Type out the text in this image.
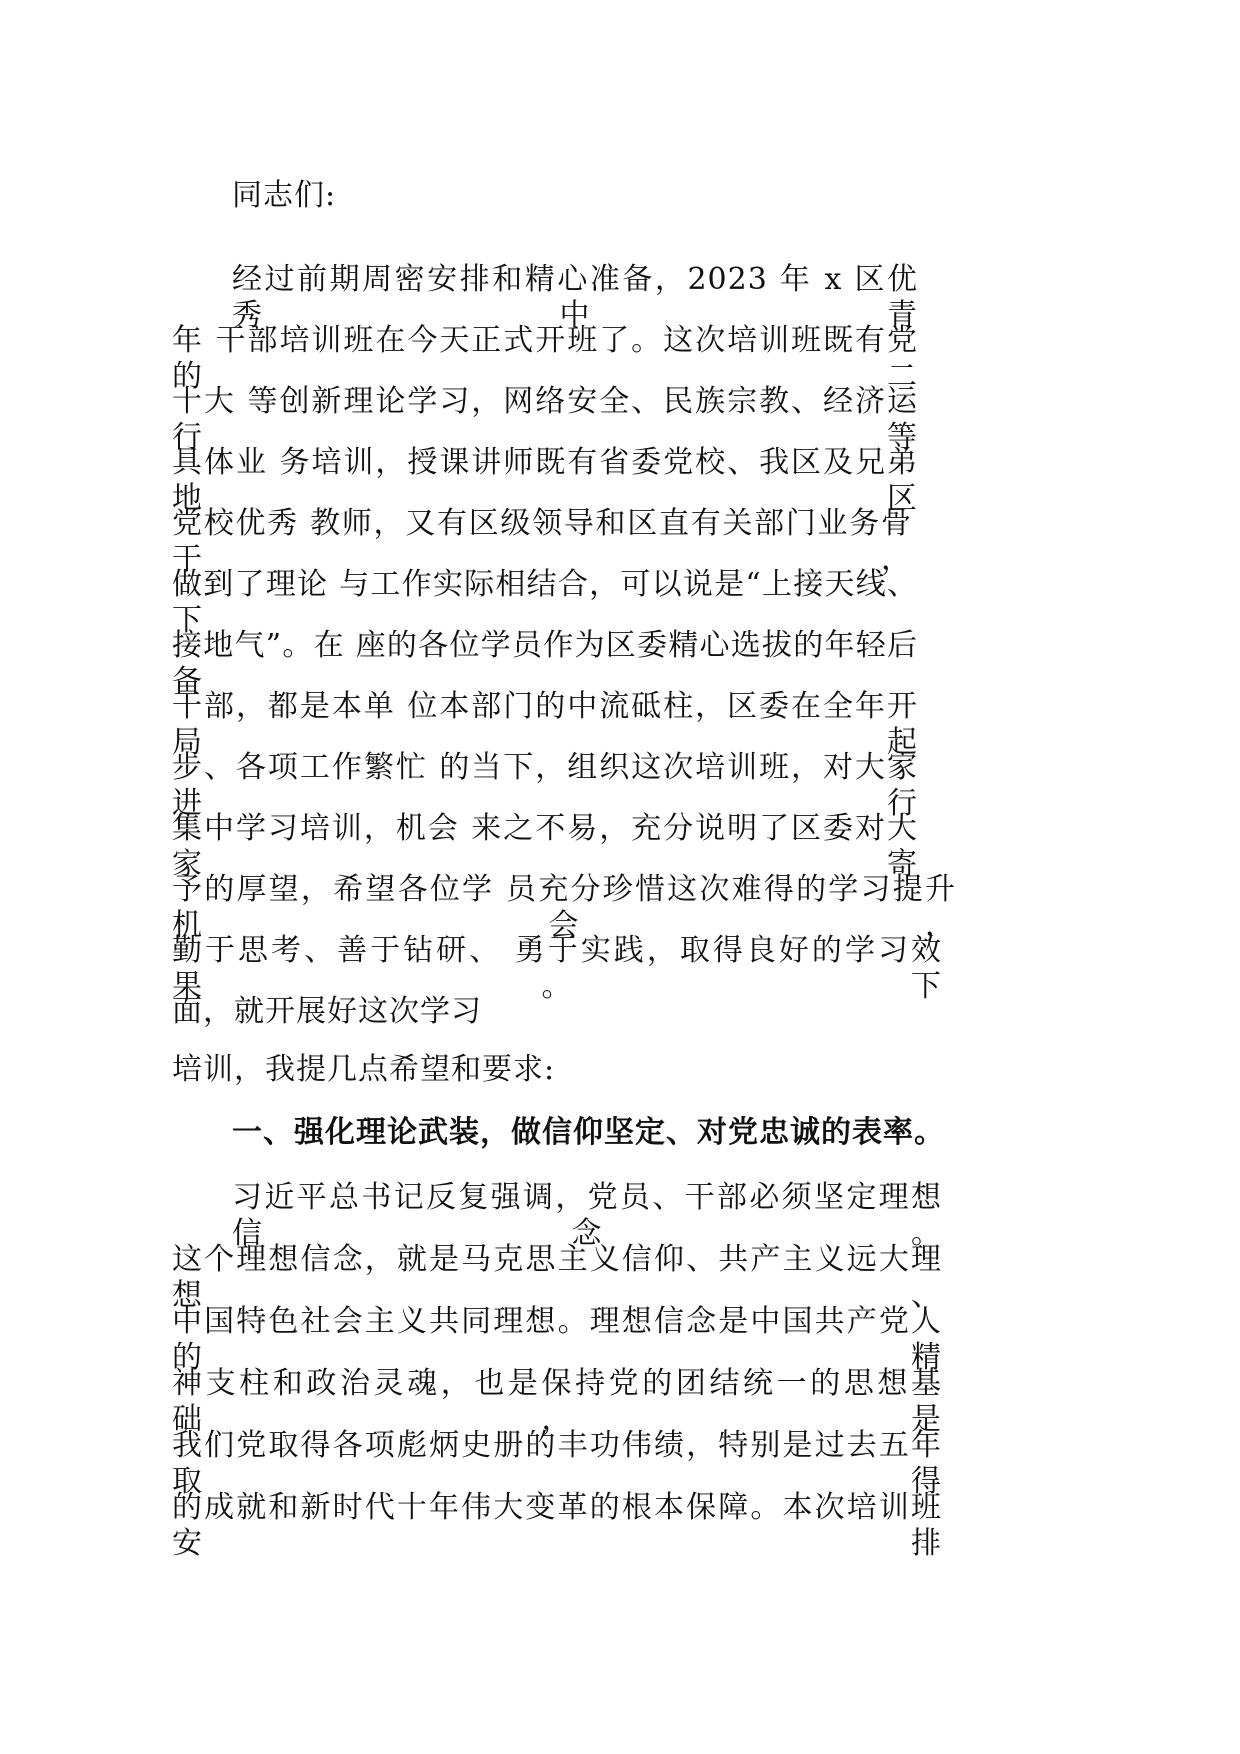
同志们:
经过前期周密安排和精心准备，2023 年 x 区优秀中青
年 干部培训班在今天正式开班了。这次培训班既有党的二
十大 等创新理论学习，网络安全、民族宗教、经济运行等
具体业 务培训，授课讲师既有省委党校、我区及兄弟地区
党校优秀 教师，又有区级领导和区直有关部门业务骨干，
做到了理论 与工作实际相结合，可以说是“上接天线、下
接地气”。在 座的各位学员作为区委精心选拔的年轻后备
干部，都是本单 位本部门的中流砥柱，区委在全年开局起
步、各项工作繁忙 的当下，组织这次培训班，对大家进行
集中学习培训，机会 来之不易，充分说明了区委对大家寄
予的厚望，希望各位学 员充分珍惜这次难得的学习提升机会，
勤于思考、善于钻研、 勇于实践，取得良好的学习效果。下
面，就开展好这次学习
培训，我提几点希望和要求:
一、强化理论武装，做信仰坚定、对党忠诚的表率。
习近平总书记反复强调，党员、干部必须坚定理想信念。
这个理想信念，就是马克思主义信仰、共产主义远大理想、
中国特色社会主义共同理想。理想信念是中国共产党人的精
神支柱和政治灵魂，也是保持党的团结统一的思想基础，是
我们党取得各项彪炳史册的丰功伟绩，特别是过去五年取得
的成就和新时代十年伟大变革的根本保障。本次培训班安排
